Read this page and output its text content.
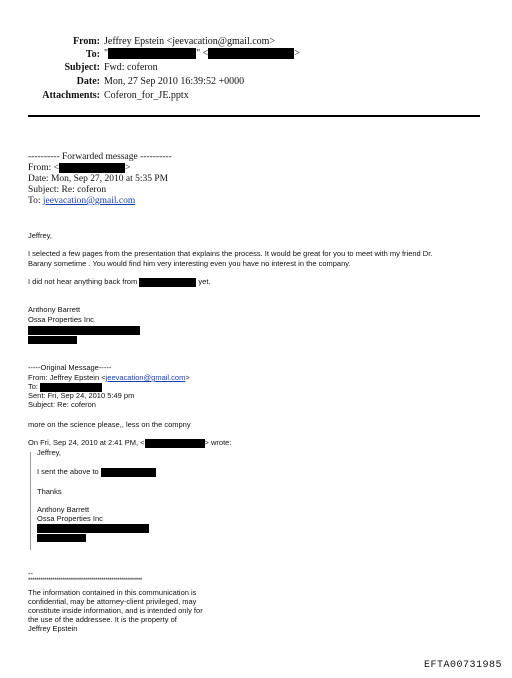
From: Jeffrey Epstein <jeevacation@gmail.com>
To: "	" <	>
Subject: Fwd: coferon
Date: Mon, 27 Sep 2010 16:39:52 +0000
Attachments: Coferon_for_JE.pptx
---------- Forwarded message ----------
From: <	>
Date: Mon, Sep 27, 2010 at 5:35 PM
Subject: Re: coferon
To: jeevacation@gmail.com
Jeffrey,
I selected a few pages from the presentation that explains the process. It would be great for you to meet with my friend Dr.
Barany sometime . You would find him very interesting even you have no interest in the company.
I did not hear anything back from	yet.
Anthony Barrett
Ossa Properties Inc
-----Original Message-----
From: Jeffrey Epstein <jeevacation@gmail.com>
To:
Sent: Fri, Sep 24, 2010 5:49 pm
Subject: Re: coferon
more on the science please,, less on the compny
On Fri, Sep 24, 2010 at 2:41 PM, <	> wrote:
Jeffrey,
I sent the above to
Thanks
Anthony Barrett
Ossa Properties Inc
--
********************************************************
The information contained in this communication is
confidential, may be attorney-client privileged, may
constitute inside information, and is intended only for
the use of the addressee. It is the property of
Jeffrey Epstein
EFTA00731985
